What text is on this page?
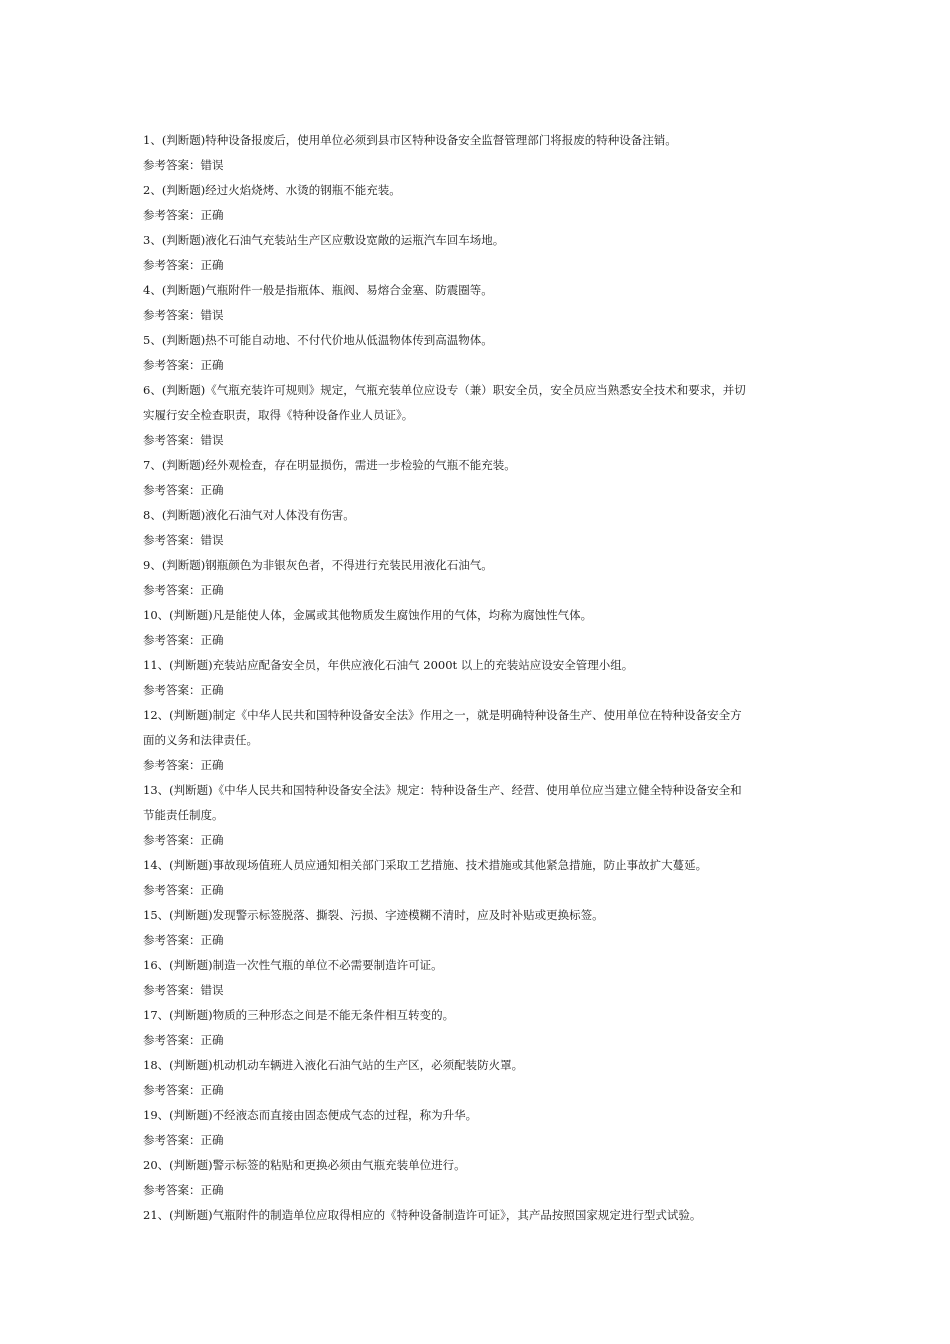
1、(判断题)特种设备报废后，使用单位必须到县市区特种设备安全监督管理部门将报废的特种设备注销。
参考答案：错误
2、(判断题)经过火焰烧烤、水烫的钢瓶不能充装。
参考答案：正确
3、(判断题)液化石油气充装站生产区应敷设宽敞的运瓶汽车回车场地。
参考答案：正确
4、(判断题)气瓶附件一般是指瓶体、瓶阀、易熔合金塞、防震圈等。
参考答案：错误
5、(判断题)热不可能自动地、不付代价地从低温物体传到高温物体。
参考答案：正确
6、(判断题)《气瓶充装许可规则》规定，气瓶充装单位应设专（兼）职安全员，安全员应当熟悉安全技术和要求，并切
实履行安全检查职责，取得《特种设备作业人员证》。
参考答案：错误
7、(判断题)经外观检查，存在明显损伤，需进一步检验的气瓶不能充装。
参考答案：正确
8、(判断题)液化石油气对人体没有伤害。
参考答案：错误
9、(判断题)钢瓶颜色为非银灰色者，不得进行充装民用液化石油气。
参考答案：正确
10、(判断题)凡是能使人体，金属或其他物质发生腐蚀作用的气体，均称为腐蚀性气体。
参考答案：正确
11、(判断题)充装站应配备安全员，年供应液化石油气 2000t 以上的充装站应设安全管理小组。
参考答案：正确
12、(判断题)制定《中华人民共和国特种设备安全法》作用之一，就是明确特种设备生产、使用单位在特种设备安全方
面的义务和法律责任。
参考答案：正确
13、(判断题)《中华人民共和国特种设备安全法》规定：特种设备生产、经营、使用单位应当建立健全特种设备安全和
节能责任制度。
参考答案：正确
14、(判断题)事故现场值班人员应通知相关部门采取工艺措施、技术措施或其他紧急措施，防止事故扩大蔓延。
参考答案：正确
15、(判断题)发现警示标签脱落、撕裂、污损、字迹模糊不清时，应及时补贴或更换标签。
参考答案：正确
16、(判断题)制造一次性气瓶的单位不必需要制造许可证。
参考答案：错误
17、(判断题)物质的三种形态之间是不能无条件相互转变的。
参考答案：正确
18、(判断题)机动机动车辆进入液化石油气站的生产区，必须配装防火罩。
参考答案：正确
19、(判断题)不经液态而直接由固态便成气态的过程，称为升华。
参考答案：正确
20、(判断题)警示标签的粘贴和更换必须由气瓶充装单位进行。
参考答案：正确
21、(判断题)气瓶附件的制造单位应取得相应的《特种设备制造许可证》，其产品按照国家规定进行型式试验。
